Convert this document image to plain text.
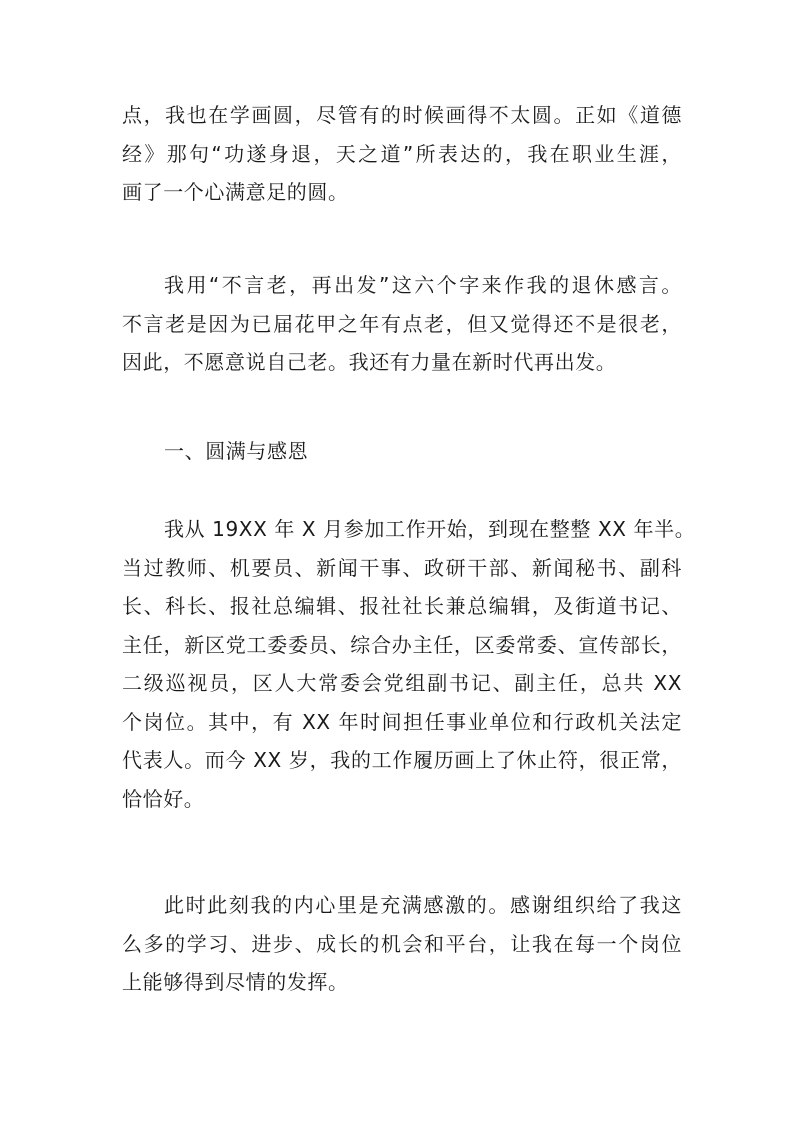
点，我也在学画圆，尽管有的时候画得不太圆。正如《道德
经》那句“功遂身退，天之道”所表达的，我在职业生涯，
画了一个心满意足的圆。
我用“不言老，再出发”这六个字来作我的退休感言。
不言老是因为已届花甲之年有点老，但又觉得还不是很老，
因此，不愿意说自己老。我还有力量在新时代再出发。
一、圆满与感恩
我从 19XX 年 X 月参加工作开始，到现在整整 XX 年半。
当过教师、机要员、新闻干事、政研干部、新闻秘书、副科
长、科长、报社总编辑、报社社长兼总编辑，及街道书记、
主任，新区党工委委员、综合办主任，区委常委、宣传部长，
二级巡视员，区人大常委会党组副书记、副主任，总共 XX
个岗位。其中，有 XX 年时间担任事业单位和行政机关法定
代表人。而今 XX 岁，我的工作履历画上了休止符，很正常，
恰恰好。
此时此刻我的内心里是充满感激的。感谢组织给了我这
么多的学习、进步、成长的机会和平台，让我在每一个岗位
上能够得到尽情的发挥。
